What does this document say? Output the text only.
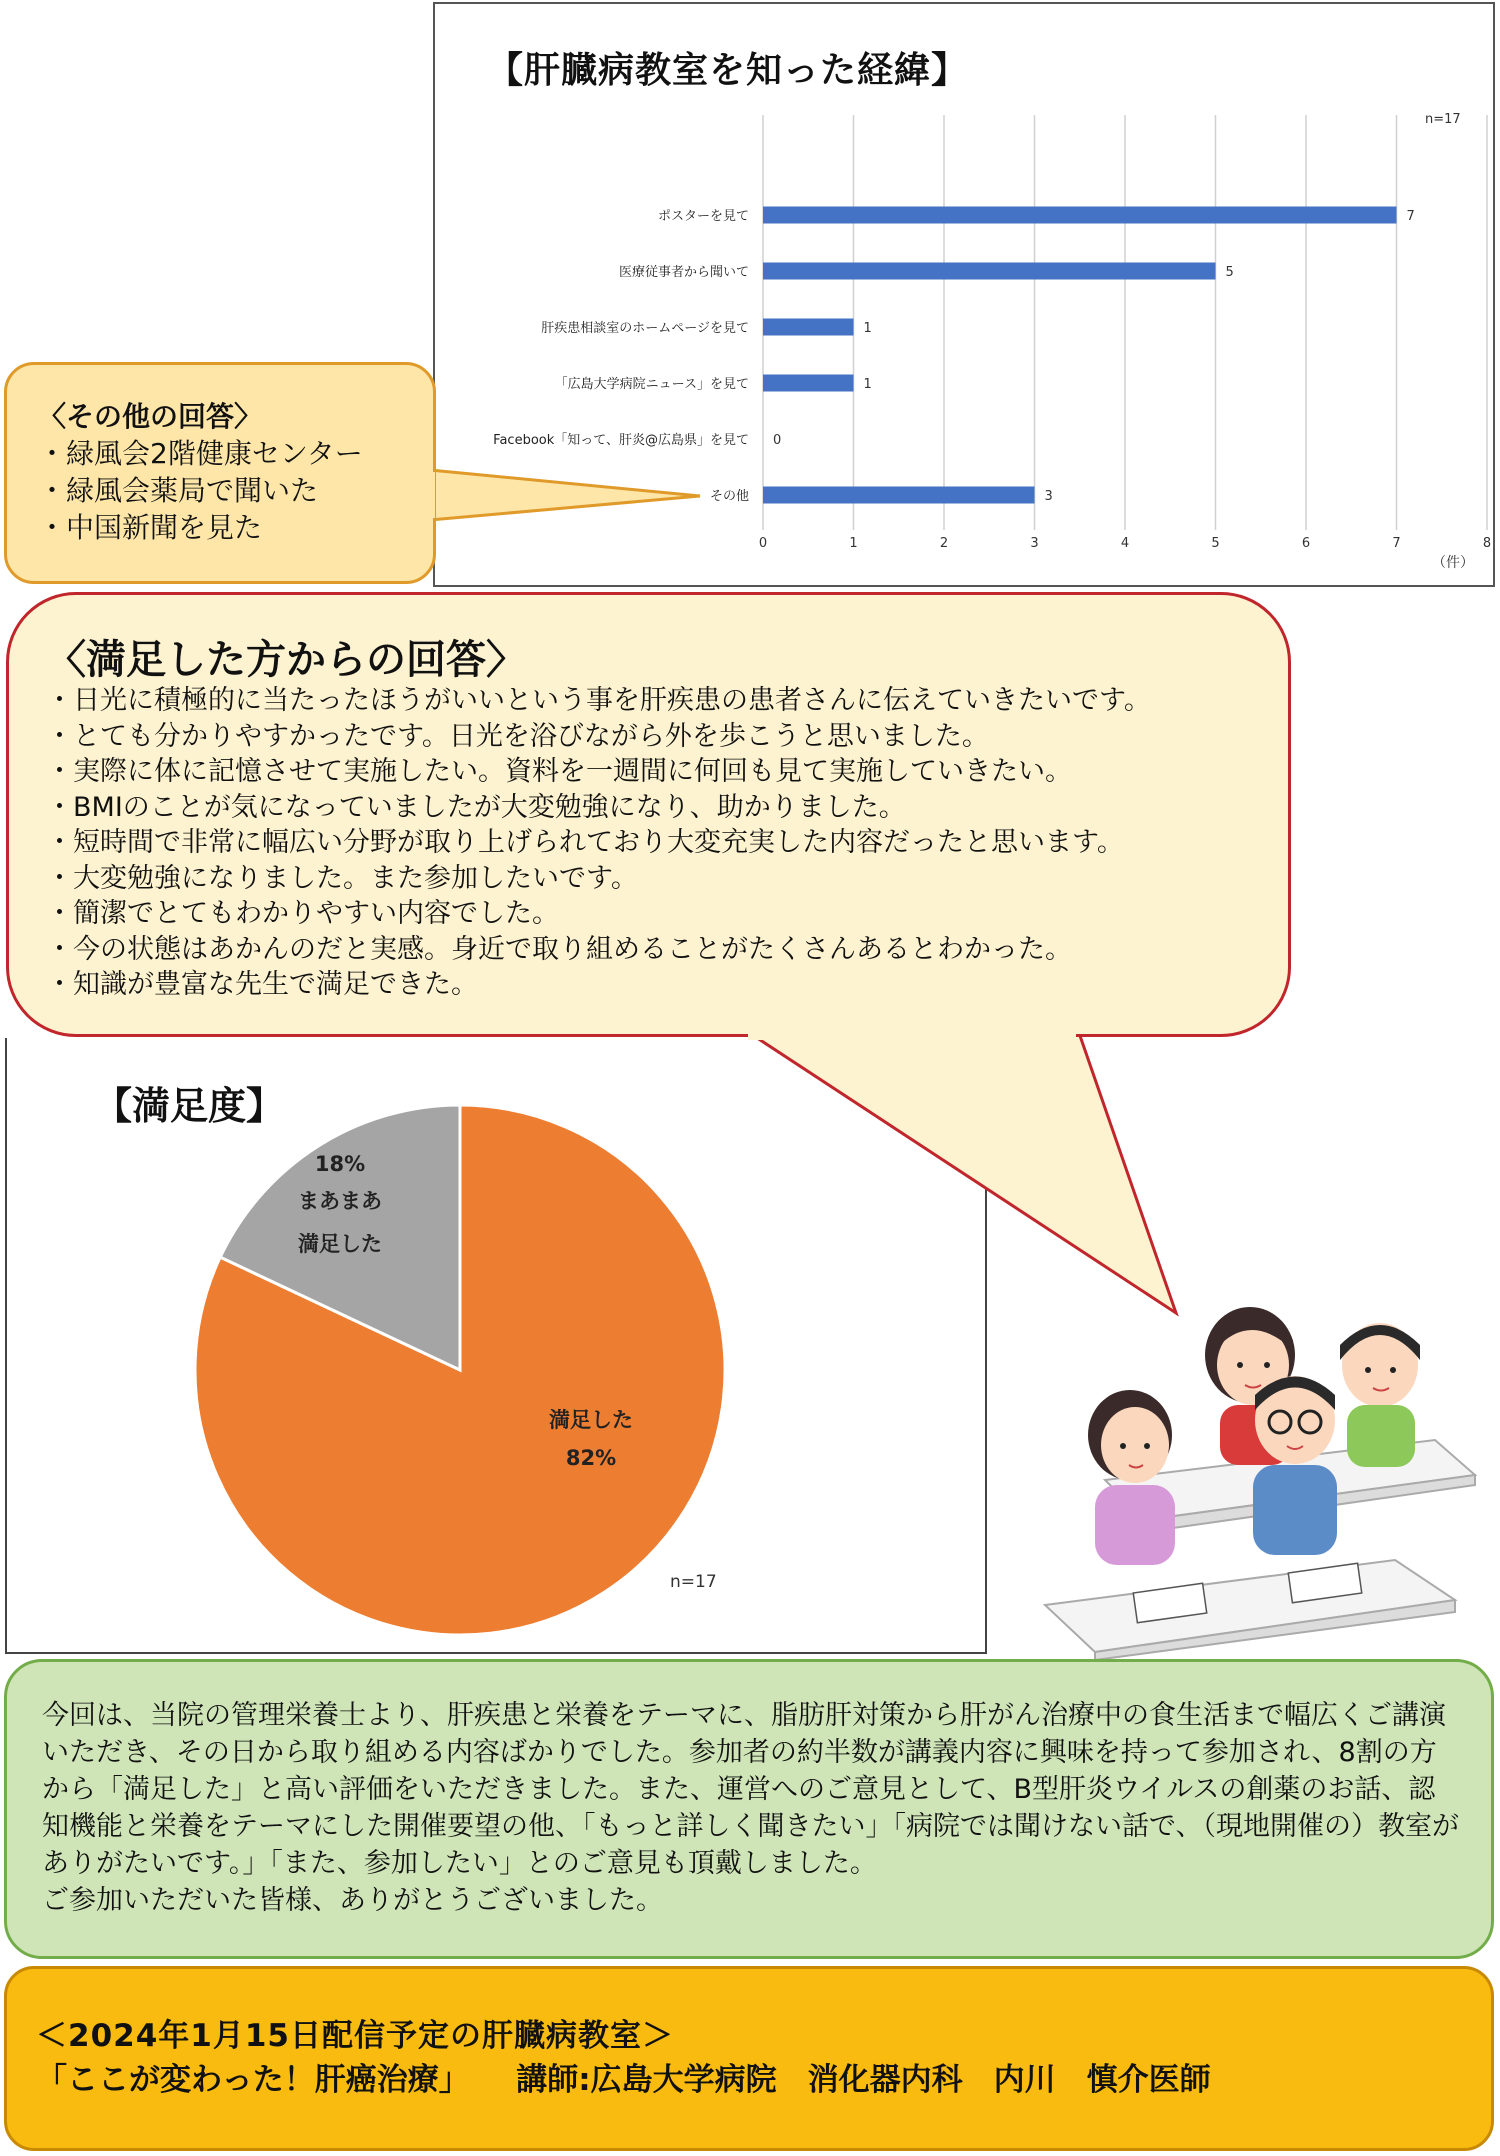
【肝臓病教室を知った経緯】
n=17
ポスターを見て
医療従事者から聞いて
肝疾患相談室のホームページを見て
「広島大学病院ニュース」を見て
Facebook「知って、肝炎@広島県」を見て
その他
7
5
1
1
0
3
0	1	2	3	4	5	6	7	8
（件）
〈その他の回答〉
・緑風会2階健康センター
・緑風会薬局で聞いた
・中国新聞を見た
【満足度】
満足した
82%
18%
まあまあ
満足した
n=17
〈満足した方からの回答〉
・日光に積極的に当たったほうがいいという事を肝疾患の患者さんに伝えていきたいです。
・とても分かりやすかったです。日光を浴びながら外を歩こうと思いました。
・実際に体に記憶させて実施したい。資料を一週間に何回も見て実施していきたい。
・BMIのことが気になっていましたが大変勉強になり、助かりました。
・短時間で非常に幅広い分野が取り上げられており大変充実した内容だったと思います。
・大変勉強になりました。また参加したいです。
・簡潔でとてもわかりやすい内容でした。
・今の状態はあかんのだと実感。身近で取り組めることがたくさんあるとわかった。
・知識が豊富な先生で満足できた。
今回は、当院の管理栄養士より、肝疾患と栄養をテーマに、脂肪肝対策から肝がん治療中の食生活まで幅広くご講演いただき、その日から取り組める内容ばかりでした。参加者の約半数が講義内容に興味を持って参加され、8割の方から「満足した」と高い評価をいただきました。また、運営へのご意見として、B型肝炎ウイルスの創薬のお話、認知機能と栄養をテーマにした開催要望の他、「もっと詳しく聞きたい」「病院では聞けない話で、（現地開催の）教室がありがたいです。」「また、参加したい」とのご意見も頂戴しました。
ご参加いただいた皆様、ありがとうございました。
＜2024年1月15日配信予定の肝臓病教室＞
「ここが変わった！肝癌治療」　　講師:広島大学病院　消化器内科　内川　慎介医師
